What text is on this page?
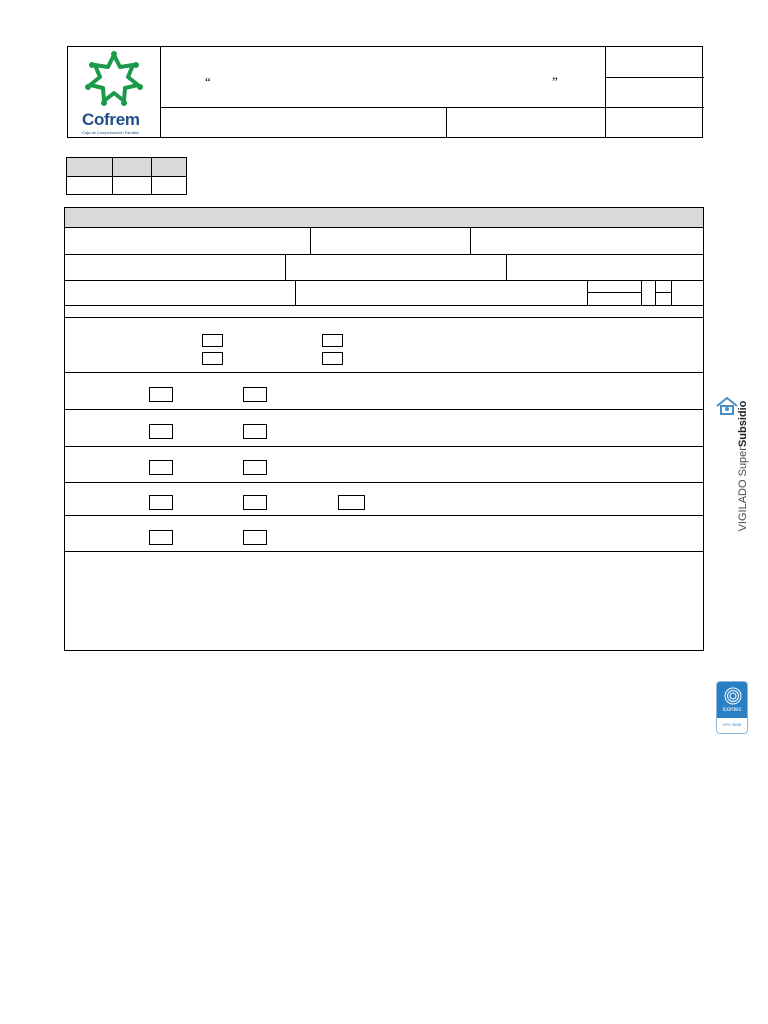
Cofrem
Caja de Compensación Familiar
“	”
VIGILADO SuperSubsidio
icontec
NTC 5555
